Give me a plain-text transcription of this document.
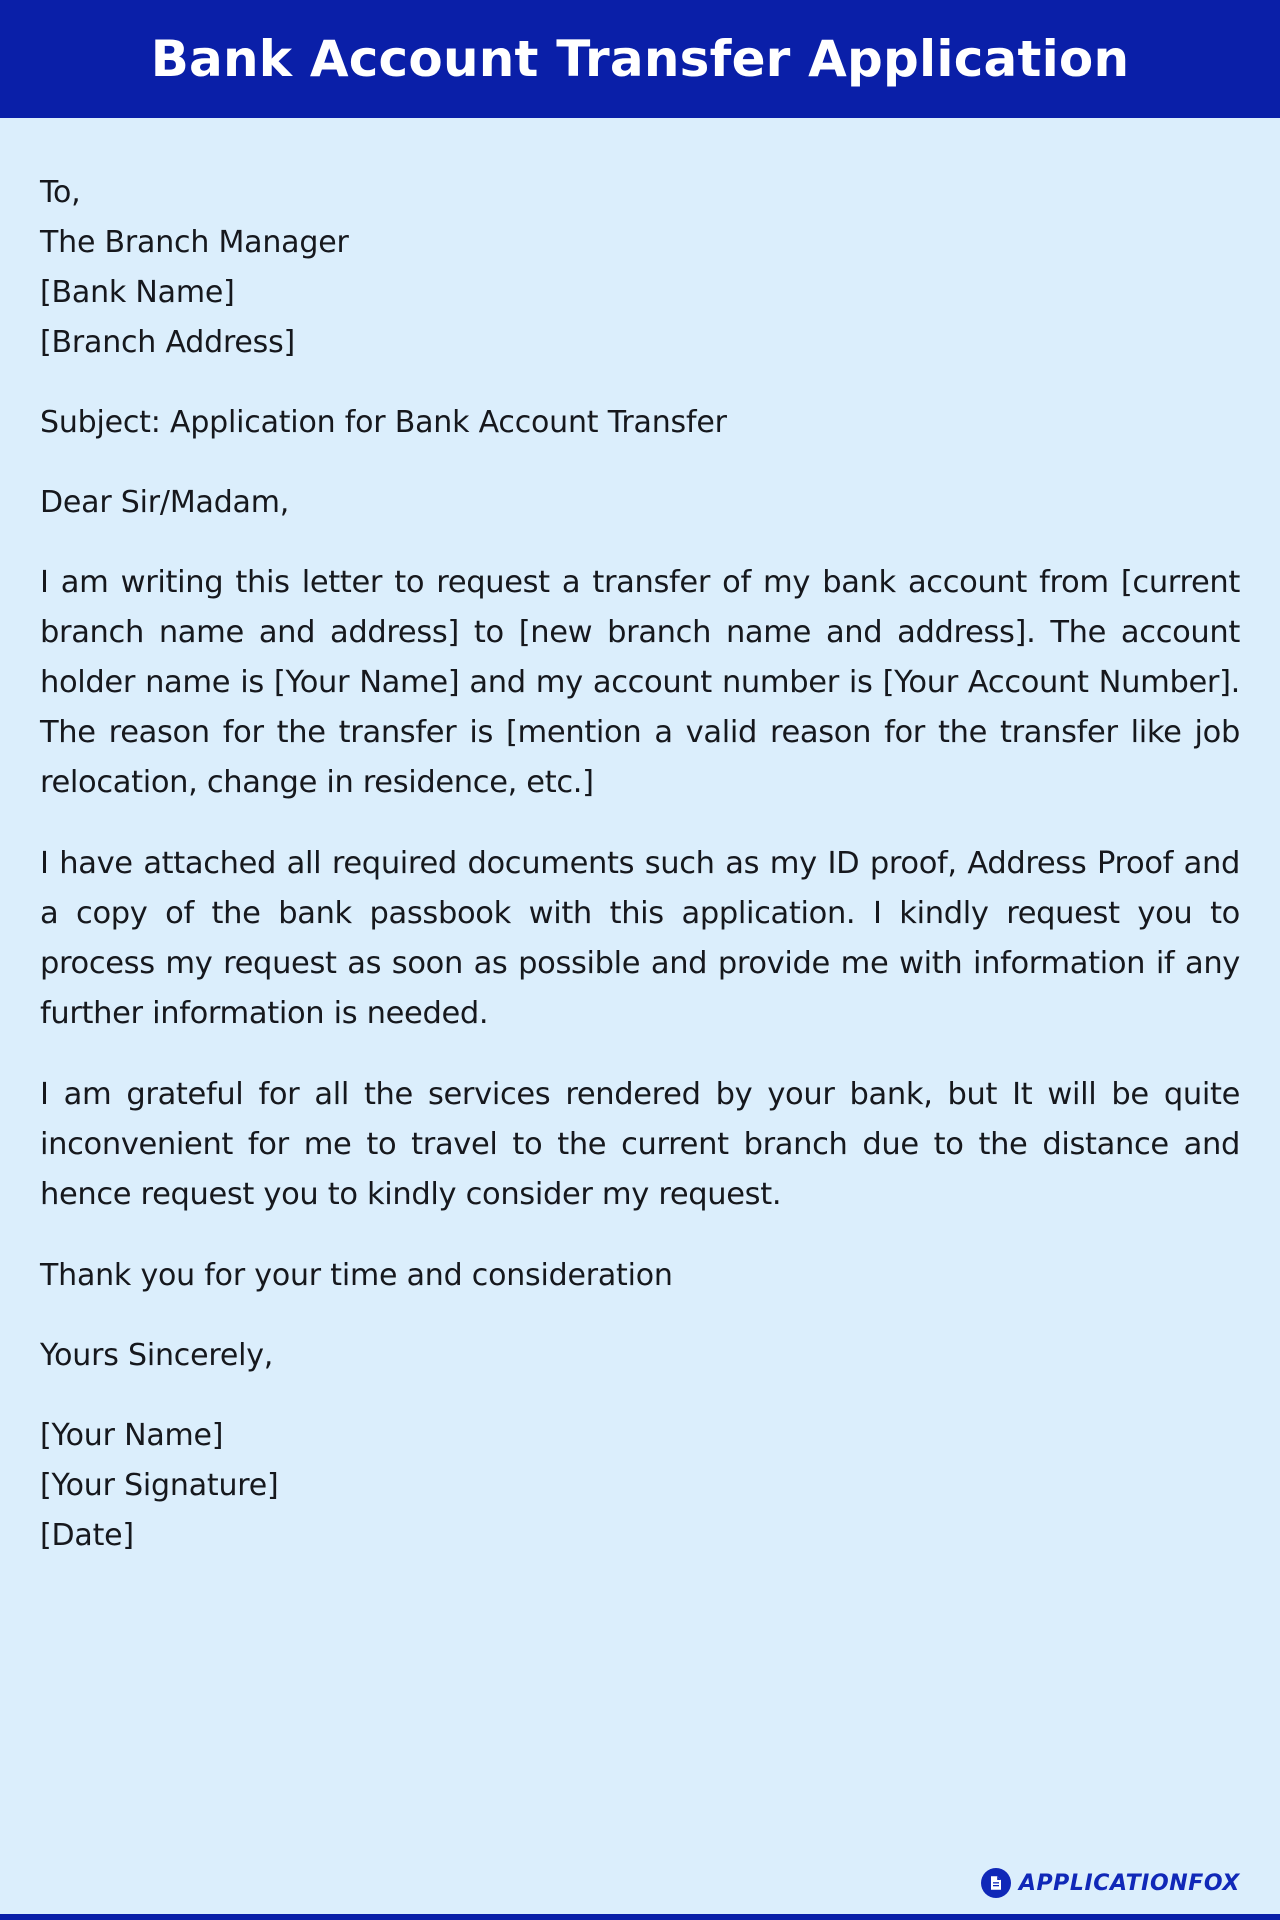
Bank Account Transfer Application
To,
The Branch Manager
[Bank Name]
[Branch Address]
Subject: Application for Bank Account Transfer
Dear Sir/Madam,

I am writing this letter to request a transfer of my bank account from [current branch name and address] to [new branch name and address]. The account holder name is [Your Name] and my account number is [Your Account Number]. The reason for the transfer is [mention a valid reason for the transfer like job relocation, change in residence, etc.]

I have attached all required documents such as my ID proof, Address Proof and a copy of the bank passbook with this application. I kindly request you to process my request as soon as possible and provide me with information if any further information is needed.

I am grateful for all the services rendered by your bank, but It will be quite inconvenient for me to travel to the current branch due to the distance and hence request you to kindly consider my request.

Thank you for your time and consideration
Yours Sincerely,
[Your Name]
[Your Signature]
[Date]
APPLICATIONFOX
